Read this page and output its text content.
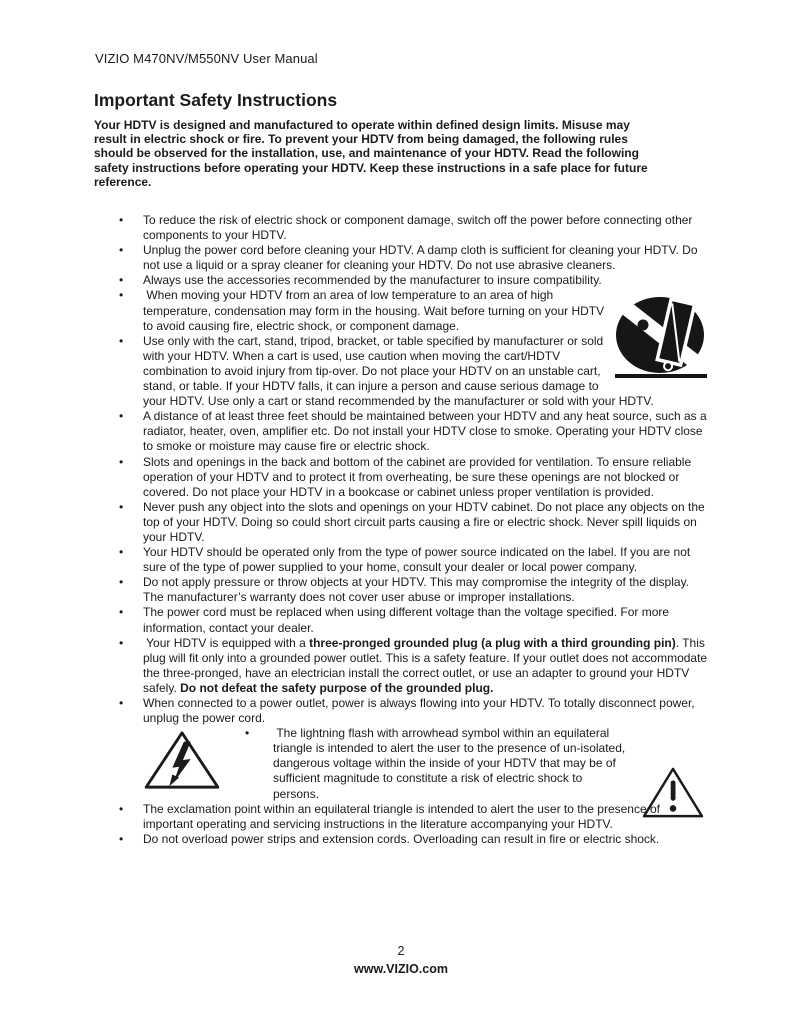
VIZIO M470NV/M550NV User Manual
Important Safety Instructions
Your HDTV is designed and manufactured to operate within defined design limits. Misuse may
result in electric shock or fire. To prevent your HDTV from being damaged, the following rules
should be observed for the installation, use, and maintenance of your HDTV. Read the following
safety instructions before operating your HDTV. Keep these instructions in a safe place for future
reference.
• To reduce the risk of electric shock or component damage, switch off the power before connecting other components to your HDTV.
• Unplug the power cord before cleaning your HDTV. A damp cloth is sufficient for cleaning your HDTV. Do not use a liquid or a spray cleaner for cleaning your HDTV. Do not use abrasive cleaners.
• Always use the accessories recommended by the manufacturer to insure compatibility.

• When moving your HDTV from an area of low temperature to an area of high temperature, condensation may form in the housing. Wait before turning on your HDTV to avoid causing fire, electric shock, or component damage.
• Use only with the cart, stand, tripod, bracket, or table specified by manufacturer or sold with your HDTV. When a cart is used, use caution when moving the cart/HDTV combination to avoid injury from tip-over. Do not place your HDTV on an unstable cart, stand, or table. If your HDTV falls, it can injure a person and cause serious damage to your HDTV. Use only a cart or stand recommended by the manufacturer or sold with your HDTV.
• A distance of at least three feet should be maintained between your HDTV and any heat source, such as a radiator, heater, oven, amplifier etc. Do not install your HDTV close to smoke. Operating your HDTV close to smoke or moisture may cause fire or electric shock.
• Slots and openings in the back and bottom of the cabinet are provided for ventilation. To ensure reliable operation of your HDTV and to protect it from overheating, be sure these openings are not blocked or covered. Do not place your HDTV in a bookcase or cabinet unless proper ventilation is provided.
• Never push any object into the slots and openings on your HDTV cabinet. Do not place any objects on the top of your HDTV. Doing so could short circuit parts causing a fire or electric shock. Never spill liquids on your HDTV.
• Your HDTV should be operated only from the type of power source indicated on the label. If you are not sure of the type of power supplied to your home, consult your dealer or local power company.
• Do not apply pressure or throw objects at your HDTV. This may compromise the integrity of the display. The manufacturer’s warranty does not cover user abuse or improper installations.
• The power cord must be replaced when using different voltage than the voltage specified. For more information, contact your dealer.
• Your HDTV is equipped with a three-pronged grounded plug (a plug with a third grounding pin). This plug will fit only into a grounded power outlet. This is a safety feature. If your outlet does not accommodate the three-pronged, have an electrician install the correct outlet, or use an adapter to ground your HDTV safely. Do not defeat the safety purpose of the grounded plug.
• When connected to a power outlet, power is always flowing into your HDTV. To totally disconnect power, unplug the power cord.

• The lightning flash with arrowhead symbol within an equilateral triangle is intended to alert the user to the presence of un-isolated, dangerous voltage within the inside of your HDTV that may be of sufficient magnitude to constitute a risk of electric shock to persons.
• The exclamation point within an equilateral triangle is intended to alert the user to the presence of important operating and servicing instructions in the literature accompanying your HDTV.
• Do not overload power strips and extension cords. Overloading can result in fire or electric shock.
2
www.VIZIO.com
